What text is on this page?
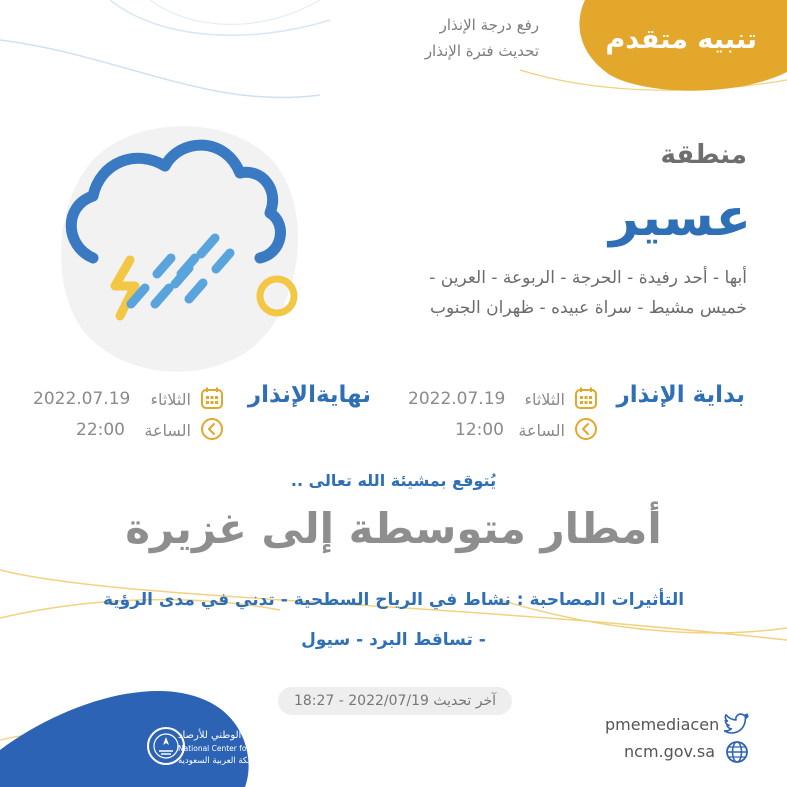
تنبيه متقدم
رفع درجة الإنذار
تحديث فترة الإنذار
منطقة
عسير
أبها - أحد رفيدة - الحرجة - الربوعة - العرين -
خميس مشيط - سراة عبيده - ظهران الجنوب
بداية الإنذار
الثلاثاء
2022.07.19
الساعة
12:00
نهايةالإنذار
الثلاثاء
2022.07.19
الساعة
22:00
يُتوقع بمشيئة الله تعالى ..
أمطار متوسطة إلى غزيرة
التأثيرات المصاحبة : نشاط في الرياح السطحية - تدني في مدى الرؤية
- تساقط البرد - سيول
آخر تحديث 2022/07/19 - 18:27
المركز الوطني للأرصاد
National Center for Meteorology
المملكة العربية السعودية
pmemediacen
ncm.gov.sa
